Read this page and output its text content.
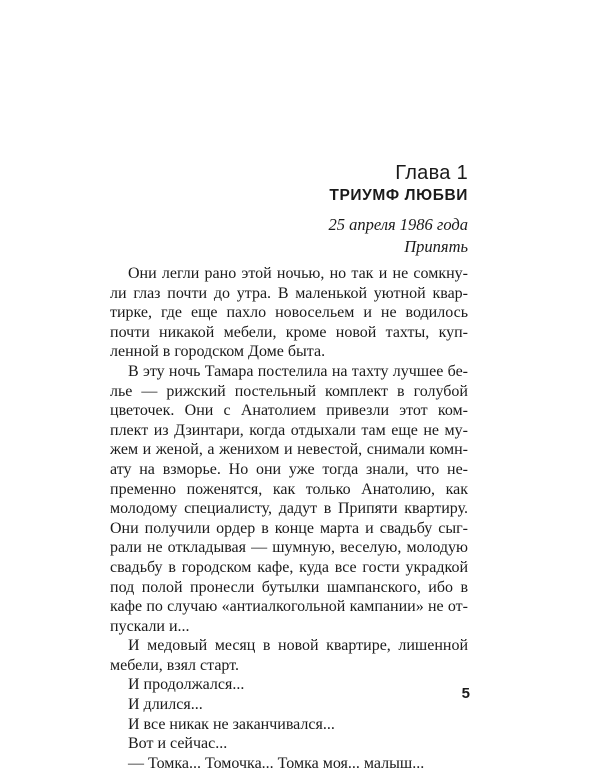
Глава 1
ТРИУМФ ЛЮБВИ
25 апреля 1986 года
Припять
Они легли рано этой ночью, но так и не сомкну-
ли глаз почти до утра. В маленькой уютной квар-
тирке, где еще пахло новосельем и не водилось
почти никакой мебели, кроме новой тахты, куп-
ленной в городском Доме быта.
В эту ночь Тамара постелила на тахту лучшее бе-
лье — рижский постельный комплект в голубой
цветочек. Они с Анатолием привезли этот ком-
плект из Дзинтари, когда отдыхали там еще не му-
жем и женой, а женихом и невестой, снимали комн-
ату на взморье. Но они уже тогда знали, что не-
пременно поженятся, как только Анатолию, как
молодому специалисту, дадут в Припяти квартиру.
Они получили ордер в конце марта и свадьбу сыг-
рали не откладывая — шумную, веселую, молодую
свадьбу в городском кафе, куда все гости украдкой
под полой пронесли бутылки шампанского, ибо в
кафе по случаю «антиалкогольной кампании» не от-
пускали и...
И медовый месяц в новой квартире, лишенной
мебели, взял старт.
И продолжался...
И длился...
И все никак не заканчивался...
Вот и сейчас...
— Томка... Томочка... Томка моя... малыш...
5
